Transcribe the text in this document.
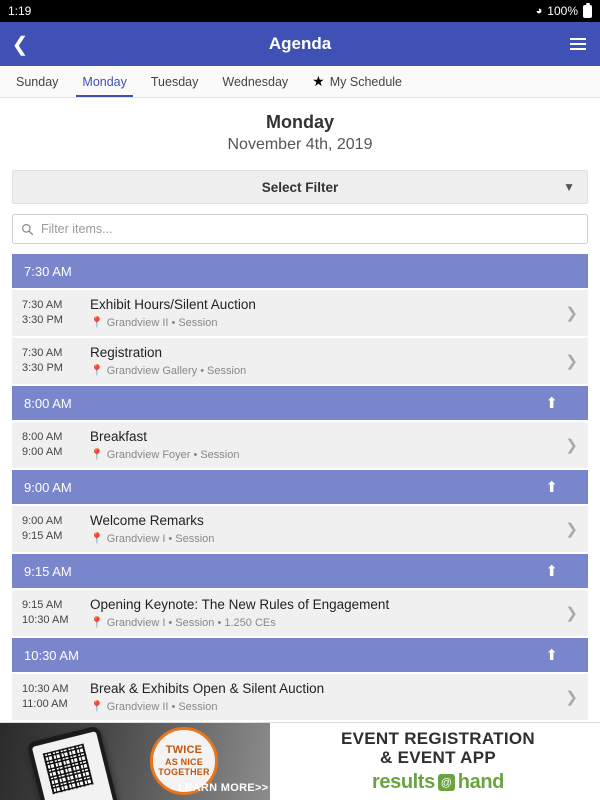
1:19	◕ 100%
❮	Agenda
Sunday Monday Tuesday Wednesday ★ My Schedule
Monday
November 4th, 2019
Select Filter	▼
Filter items...
7:30 AM
7:30 AM
3:30 PM
Exhibit Hours/Silent Auction
📍 Grandview II • Session
❯
7:30 AM
3:30 PM
Registration
📍 Grandview Gallery • Session
❯
8:00 AM	⬆
8:00 AM
9:00 AM
Breakfast
📍 Grandview Foyer • Session
❯
9:00 AM	⬆
9:00 AM
9:15 AM
Welcome Remarks
📍 Grandview I • Session
❯
9:15 AM	⬆
9:15 AM
10:30 AM
Opening Keynote: The New Rules of Engagement
📍 Grandview I • Session • 1.250 CEs
❯
10:30 AM	⬆
10:30 AM
11:00 AM
Break & Exhibits Open & Silent Auction
📍 Grandview II • Session
❯
TWICE
AS NICE
TOGETHER
LEARN MORE>>
EVENT REGISTRATION
& EVENT APP
results @ hand
